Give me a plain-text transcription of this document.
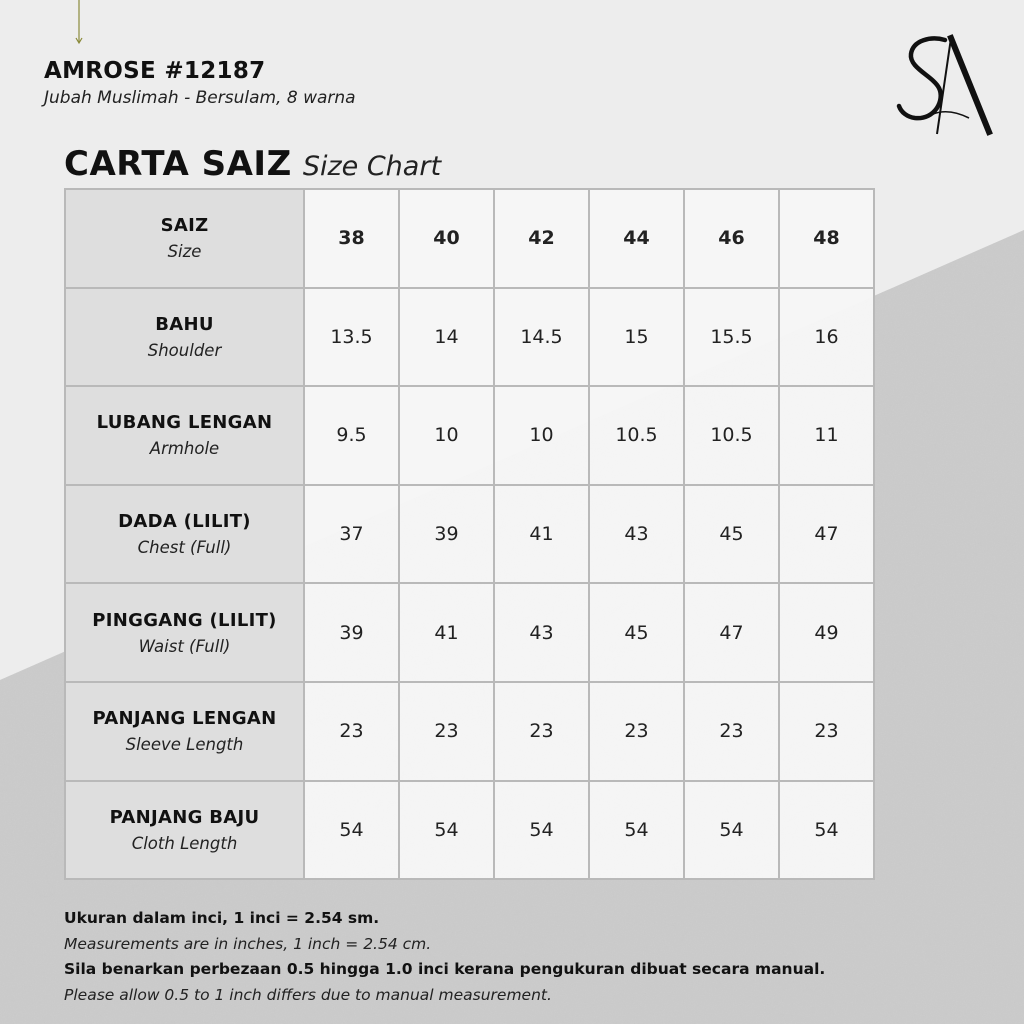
AMROSE #12187
Jubah Muslimah - Bersulam, 8 warna
CARTA SAIZ Size Chart
SAIZ
Size	38	40	42	44	46	48

BAHU
Shoulder	13.5	14	14.5	15	15.5	16

LUBANG LENGAN
Armhole	9.5	10	10	10.5	10.5	11

DADA (LILIT)
Chest (Full)	37	39	41	43	45	47

PINGGANG (LILIT)
Waist (Full)	39	41	43	45	47	49

PANJANG LENGAN
Sleeve Length	23	23	23	23	23	23

PANJANG BAJU
Cloth Length	54	54	54	54	54	54
Ukuran dalam inci, 1 inci = 2.54 sm.
Measurements are in inches, 1 inch = 2.54 cm.
Sila benarkan perbezaan 0.5 hingga 1.0 inci kerana pengukuran dibuat secara manual.
Please allow 0.5 to 1 inch differs due to manual measurement.
